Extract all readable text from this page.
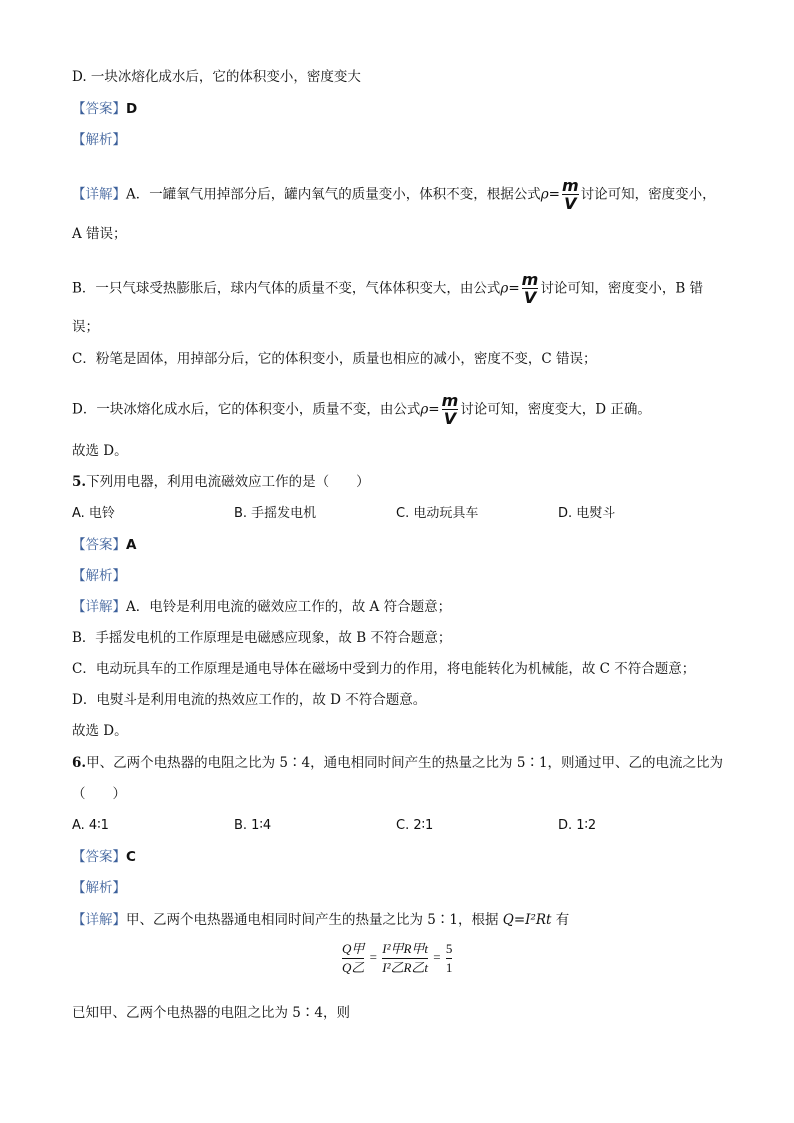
D. 一块冰熔化成水后，它的体积变小，密度变大
【答案】D
【解析】
【详解】A．一罐氧气用掉部分后，罐内氧气的质量变小，体积不变，根据公式$\rho= \frac{m}{V}$ 讨论可知，密度变小，
A 错误；
B．一只气球受热膨胀后，球内气体的质量不变，气体体积变大，由公式$\rho= \frac{m}{V}$ 讨论可知，密度变小，B 错
误；
C．粉笔是固体，用掉部分后，它的体积变小，质量也相应的减小，密度不变，C 错误；
D．一块冰熔化成水后，它的体积变小，质量不变，由公式$\rho= \frac{m}{V}$ 讨论可知，密度变大，D 正确。
故选 D。
5.下列用电器，利用电流磁效应工作的是（　　）
A. 电铃	B. 手摇发电机	C. 电动玩具车	D. 电熨斗
【答案】A
【解析】
【详解】A．电铃是利用电流的磁效应工作的，故 A 符合题意；
B．手摇发电机的工作原理是电磁感应现象，故 B 不符合题意；
C．电动玩具车的工作原理是通电导体在磁场中受到力的作用，将电能转化为机械能，故 C 不符合题意；
D．电熨斗是利用电流的热效应工作的，故 D 不符合题意。
故选 D。
6.甲、乙两个电热器的电阻之比为 5∶4，通电相同时间产生的热量之比为 5∶1，则通过甲、乙的电流之比为
（　　）
A. 4∶1	B. 1∶4	C. 2∶1	D. 1∶2
【答案】C
【解析】
【详解】甲、乙两个电热器通电相同时间产生的热量之比为 5∶1，根据 Q=I²Rt 有
Q甲
Q乙
=
I²甲R甲t
I²乙R乙t
= $\frac{5}{1}$
已知甲、乙两个电热器的电阻之比为 5∶4，则
